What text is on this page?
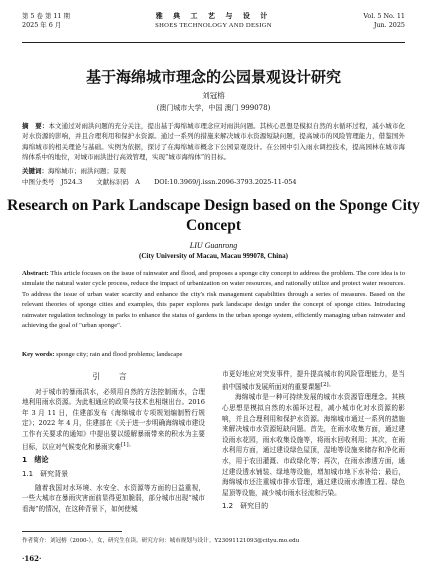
第 5 卷 第 11 期
2025 年 6 月
雅 典 工 艺 与 设 计
SHOES TECHNOLOGY AND DESIGN
Vol. 5 No. 11
Jun. 2025
基于海绵城市理念的公园景观设计研究
刘冠榕
(澳门城市大学，中国 澳门 999078)
摘　要：本文通过对雨洪问题的充分关注，提出基于海绵城市理念应对雨洪问题。其核心思想是模拟自然的水循环过程，减小城市化对水资源的影响，并且合理利用和保护水资源。通过一系列的措施来解决城市水资源短缺问题，提高城市的风险管理能力，借鉴国外海绵城市的相关理论与基础。实例为依据，探讨了在海绵城市概念下公园景观设计。在公园中引入雨水调控技术，提高园林在城市海绵体系中的地位，对城市雨洪进行高效管理，实现“城市海绵体”的目标。
关键词：海绵城市；雨洪问题；景观
中图分类号　J524.3 文献标识码　A DOI:10.3969/j.issn.2096-3793.2025-11-054
Research on Park Landscape Design based on the Sponge City Concept
LIU Guanrong
(City University of Macau, Macau 999078, China)
Abstract: This article focuses on the issue of rainwater and flood, and proposes a sponge city concept to address the problem. The core idea is to simulate the natural water cycle process, reduce the impact of urbanization on water resources, and rationally utilize and protect water resources. To address the issue of urban water scarcity and enhance the city's risk management capabilities through a series of measures. Based on the relevant theories of sponge cities and examples, this paper explores park landscape design under the concept of sponge cities. Introducing rainwater regulation technology in parks to enhance the status of gardens in the urban sponge system, efficiently managing urban rainwater and achieving the goal of "urban sponge".
Key words: sponge city; rain and flood problems; landscape
引 言

对于城市的暴雨洪水，必须用自然的方法控制雨水，合理地利用雨水资源。为此相通应的政策与技术也相继出台。2016 年 3 月 11 日，住建部发布《海绵城市专项规划编制暂行规定》；2022 年 4 月，住建部在《关于进一步明确海绵城市建设工作有关要求的通知》中提出要以缓解暴雨带来的积水为主要目标，以应对气候变化和暴雨灾难$^{[1]。}$

1　绪论
1.1　研究背景

随着我国对水环境、水安全、水资源等方面的日益重视，一些大城市在暴雨灾害面前显得更加脆弱，部分城市出现“城市看海”的情况，在这种背景下，如何使城

市更好地应对突发事件，提升提高城市的风险管理能力，是当前中国城市发展所面对的重要课题$^{[2]。}$

海绵城市是一种可持续发展的城市水资源管理理念。其核心思想是模拟自然的水循环过程，减小城市化对水资源的影响，并且合理利用和保护水资源。海绵城市通过一系列的措施来解决城市水资源短缺问题。首先，在雨水收集方面，通过建设雨水花园，雨水收集设施等，将雨水回收利用；其次，在雨水利用方面，通过建设绿色屋顶，湿地等设施来储存和净化雨水，用于农田灌溉、市政绿化等；再次，在雨水渗透方面，通过建设透水铺装、绿地等设施，增加城市地下水补给；最后，海绵城市还注重城市排水管理，通过建设雨水渗透工程、绿色屋顶等设施，减少城市雨水径流和污染。

1.2　研究目的
作者简介：刘冠榕（2000-），女，研究生在读。研究方向：城市规划与设计。Y23091121093@cityu.mo.edu
·162·
